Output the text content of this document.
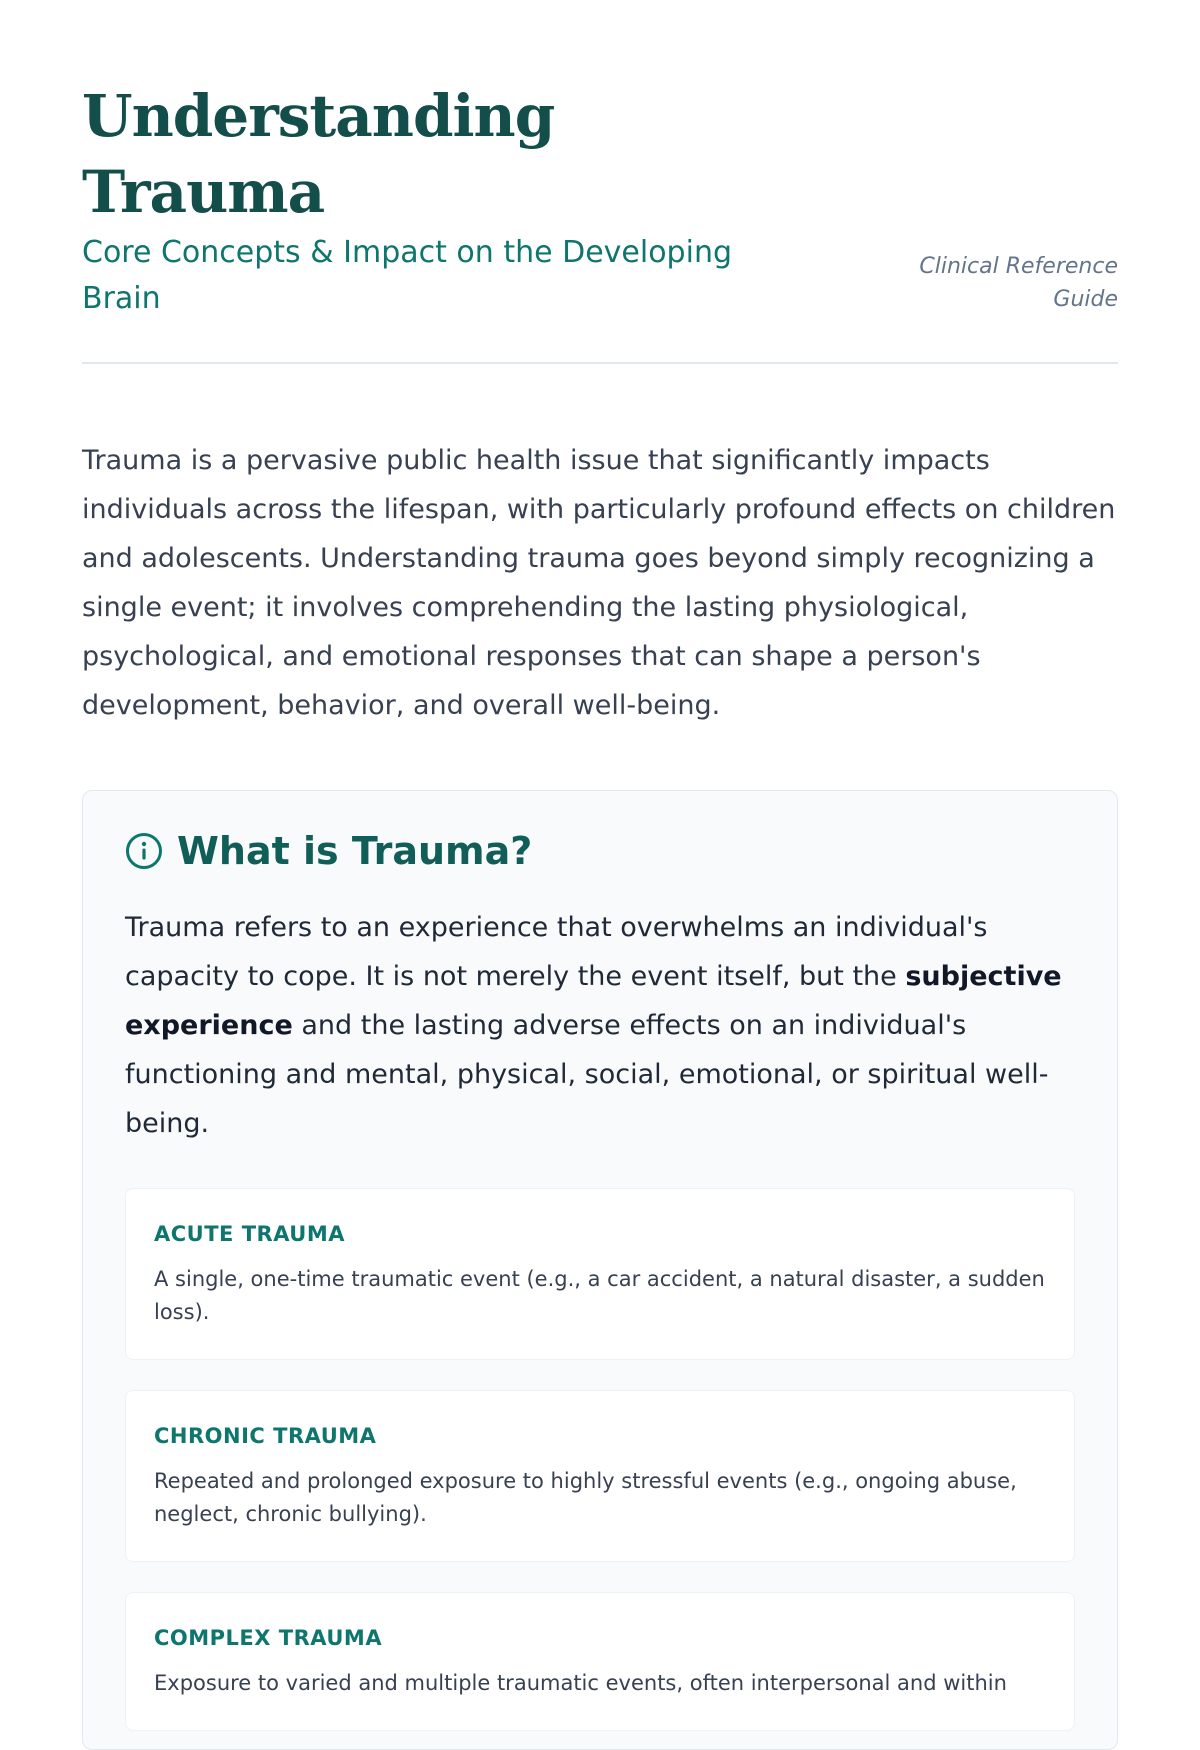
Understanding Trauma

Core Concepts & Impact on the Developing Brain

Clinical Reference Guide

Trauma is a pervasive public health issue that significantly impacts individuals across the lifespan, with particularly profound effects on children and adolescents. Understanding trauma goes beyond simply recognizing a single event; it involves comprehending the lasting physiological, psychological, and emotional responses that can shape a person's development, behavior, and overall well-being.

What is Trauma?

Trauma refers to an experience that overwhelms an individual's capacity to cope. It is not merely the event itself, but the subjective experience and the lasting adverse effects on an individual's functioning and mental, physical, social, emotional, or spiritual well-being.

ACUTE TRAUMA

A single, one-time traumatic event (e.g., a car accident, a natural disaster, a sudden loss).

CHRONIC TRAUMA

Repeated and prolonged exposure to highly stressful events (e.g., ongoing abuse, neglect, chronic bullying).

COMPLEX TRAUMA

Exposure to varied and multiple traumatic events, often interpersonal and within
